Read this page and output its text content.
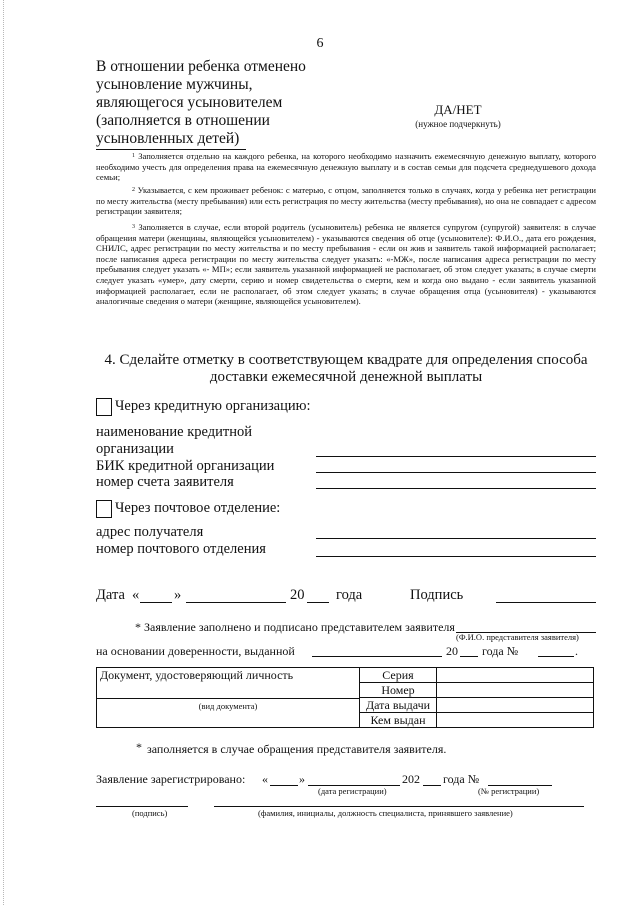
6
В отношении ребенка отменено усыновление мужчины, являющегося усыновителем (заполняется в отношении усыновленных детей)
ДА/НЕТ
(нужное подчеркнуть)
$^1$ Заполняется отдельно на каждого ребенка, на которого необходимо назначить ежемесячную денежную выплату, которого необходимо учесть для определения права на ежемесячную денежную выплату и в состав семьи для подсчета среднедушевого дохода семьи;
$^2$ Указывается, с кем проживает ребенок: с матерью, с отцом, заполняется только в случаях, когда у ребенка нет регистрации по месту жительства (месту пребывания) или есть регистрация по месту жительства (месту пребывания), но она не совпадает с адресом регистрации заявителя;
$^3$ Заполняется в случае, если второй родитель (усыновитель) ребенка не является супругом (супругой) заявителя: в случае обращения матери (женщины, являющейся усыновителем) - указываются сведения об отце (усыновителе): Ф.И.О., дата его рождения, СНИЛС, адрес регистрации по месту жительства и по месту пребывания - если он жив и заявитель такой информацией располагает; после написания адреса регистрации по месту жительства следует указать: «-МЖ», после написания адреса регистрации по месту пребывания следует указать «- МП»; если заявитель указанной информацией не располагает, об этом следует указать; в случае смерти следует указать «умер», дату смерти, серию и номер свидетельства о смерти, кем и когда оно выдано - если заявитель указанной информацией располагает, если не располагает, об этом следует указать; в случае обращения отца (усыновителя) - указываются аналогичные сведения о матери (женщине, являющейся усыновителем).
4. Сделайте отметку в соответствующем квадрате для определения способа доставки ежемесячной денежной выплаты
Через кредитную организацию:
наименование кредитной организации
БИК кредитной организации
номер счета заявителя
Через почтовое отделение:
адрес получателя
номер почтового отделения
Дата « »	20 года	Подпись
* Заявление заполнено и подписано представителем заявителя
(Ф.И.О. представителя заявителя)
на основании доверенности, выданной	20 года №	.
Документ, удостоверяющий личность
(вид документа)	Серия	
	Номер	
	Дата выдачи	
	Кем выдан	
* заполняется в случае обращения представителя заявителя.
Заявление зарегистрировано: «	»
(дата регистрации)
202 года №
(№ регистрации)
(подпись)	(фамилия, инициалы, должность специалиста, принявшего заявление)
